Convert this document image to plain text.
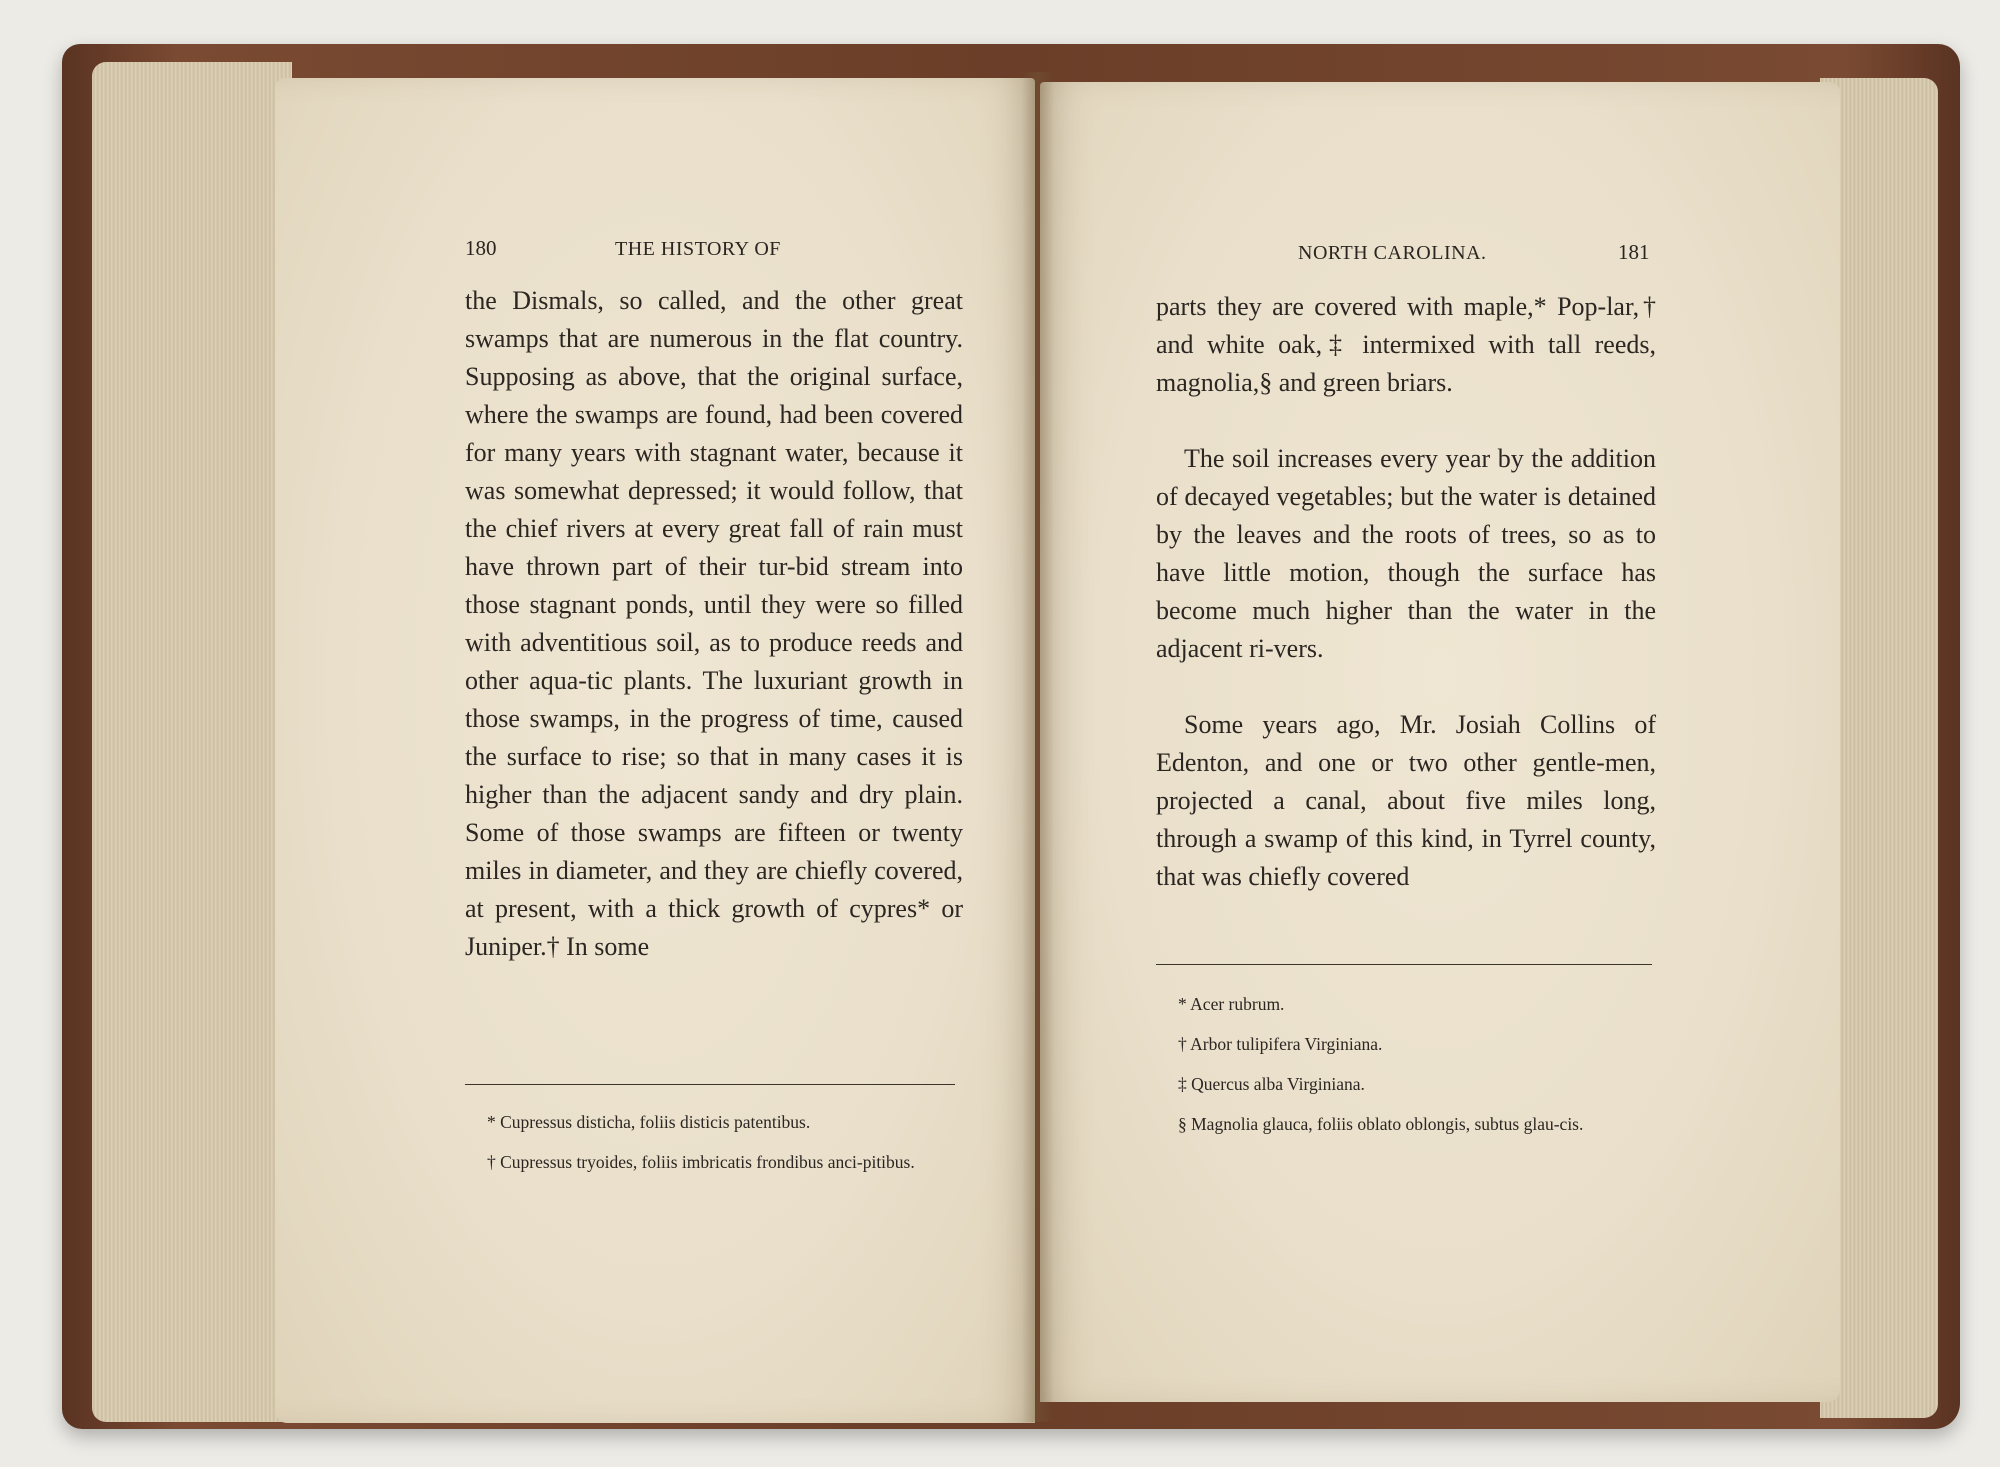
180	THE HISTORY OF

the Dismals, so called, and the other great swamps that are numerous in the flat country. Supposing as above, that the original surface, where the swamps are found, had been covered for many years with stagnant water, because it was somewhat depressed; it would follow, that the chief rivers at every great fall of rain must have thrown part of their tur-bid stream into those stagnant ponds, until they were so filled with adventitious soil, as to produce reeds and other aqua-tic plants. The luxuriant growth in those swamps, in the progress of time, caused the surface to rise; so that in many cases it is higher than the adjacent sandy and dry plain. Some of those swamps are fifteen or twenty miles in diameter, and they are chiefly covered, at present, with a thick growth of cypres* or Juniper.† In some

* Cupressus disticha, foliis disticis patentibus.

† Cupressus tryoides, foliis imbricatis frondibus anci-pitibus.

NORTH CAROLINA.	181

parts they are covered with maple,* Pop-lar,† and white oak,‡ intermixed with tall reeds, magnolia,§ and green briars.

The soil increases every year by the addition of decayed vegetables; but the water is detained by the leaves and the roots of trees, so as to have little motion, though the surface has become much higher than the water in the adjacent ri-vers.

Some years ago, Mr. Josiah Collins of Edenton, and one or two other gentle-men, projected a canal, about five miles long, through a swamp of this kind, in Tyrrel county, that was chiefly covered

* Acer rubrum.

† Arbor tulipifera Virginiana.

‡ Quercus alba Virginiana.

§ Magnolia glauca, foliis oblato oblongis, subtus glau-cis.
